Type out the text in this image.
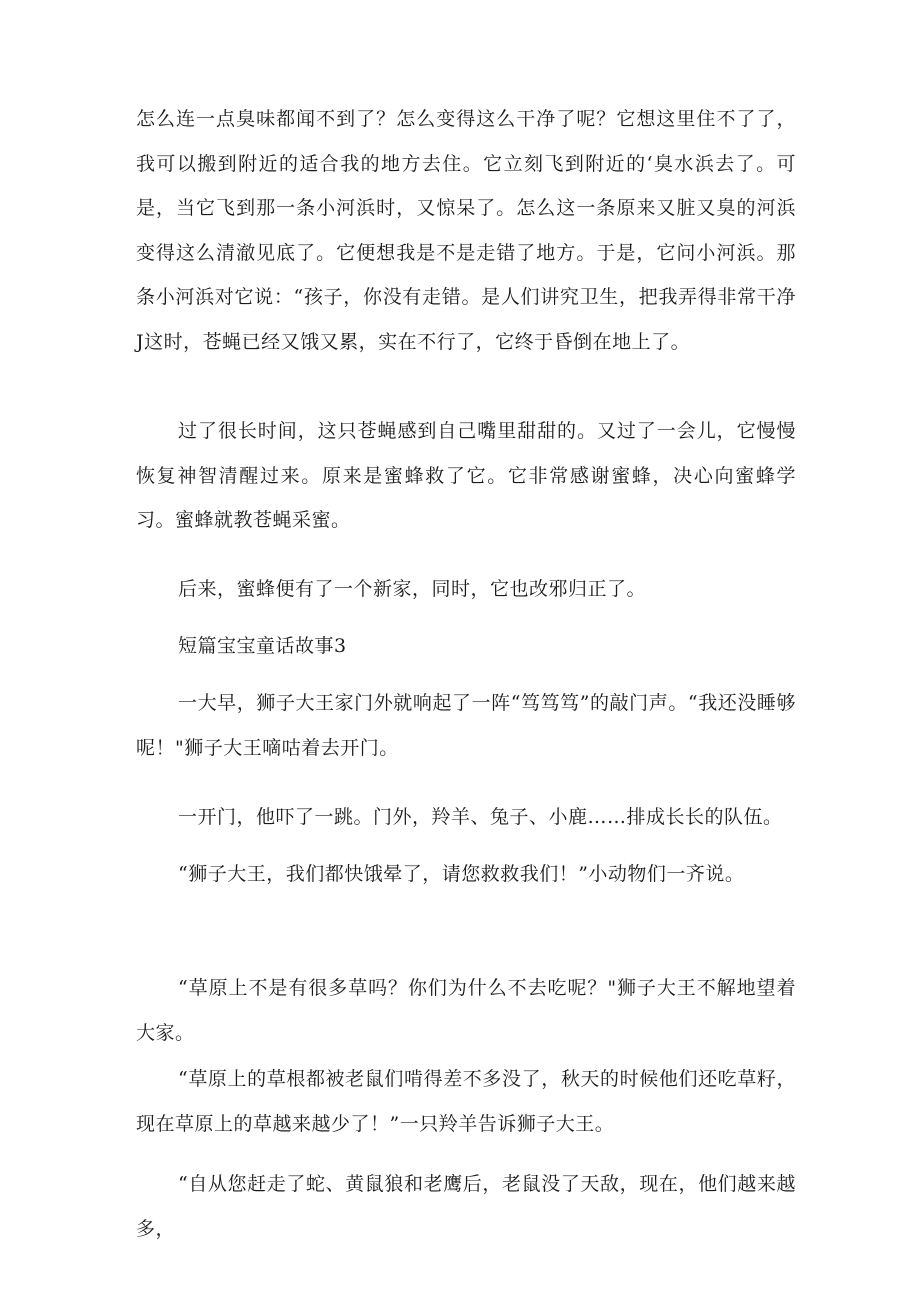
怎么连一点臭味都闻不到了？怎么变得这么干净了呢？它想这里住不了了，我可以搬到附近的适合我的地方去住。它立刻飞到附近的‘臭水浜去了。可是，当它飞到那一条小河浜时，又惊呆了。怎么这一条原来又脏又臭的河浜变得这么清澈见底了。它便想我是不是走错了地方。于是，它问小河浜。那条小河浜对它说：“孩子，你没有走错。是人们讲究卫生，把我弄得非常干净J这时，苍蝇已经又饿又累，实在不行了，它终于昏倒在地上了。

过了很长时间，这只苍蝇感到自己嘴里甜甜的。又过了一会儿，它慢慢恢复神智清醒过来。原来是蜜蜂救了它。它非常感谢蜜蜂，决心向蜜蜂学习。蜜蜂就教苍蝇采蜜。

后来，蜜蜂便有了一个新家，同时，它也改邪归正了。

短篇宝宝童话故事3

一大早，狮子大王家门外就响起了一阵“笃笃笃”的敲门声。“我还没睡够呢！"狮子大王嘀咕着去开门。

一开门，他吓了一跳。门外，羚羊、兔子、小鹿……排成长长的队伍。

“狮子大王，我们都快饿晕了，请您救救我们！”小动物们一齐说。

“草原上不是有很多草吗？你们为什么不去吃呢？"狮子大王不解地望着大家。

“草原上的草根都被老鼠们啃得差不多没了，秋天的时候他们还吃草籽，现在草原上的草越来越少了！”一只羚羊告诉狮子大王。

“自从您赶走了蛇、黄鼠狼和老鹰后，老鼠没了天敌，现在，他们越来越多，
